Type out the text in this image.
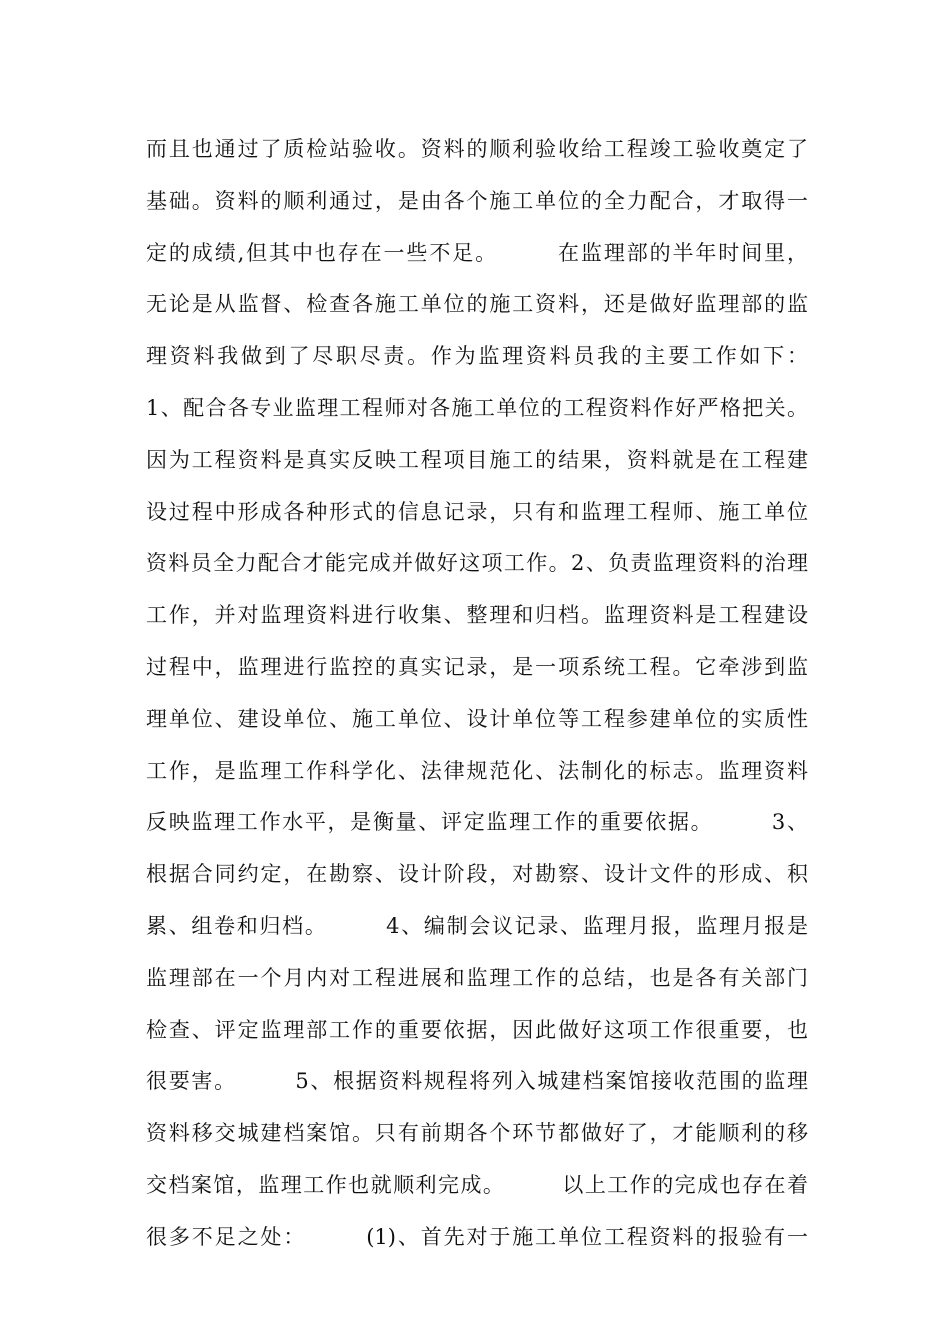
而且也通过了质检站验收。资料的顺利验收给工程竣工验收奠定了
基础。资料的顺利通过，是由各个施工单位的全力配合，才取得一
定的成绩,但其中也存在一些不足。       在监理部的半年时间里，
无论是从监督、检查各施工单位的施工资料，还是做好监理部的监
理资料我做到了尽职尽责。作为监理资料员我的主要工作如下：
1、配合各专业监理工程师对各施工单位的工程资料作好严格把关。
因为工程资料是真实反映工程项目施工的结果，资料就是在工程建
设过程中形成各种形式的信息记录，只有和监理工程师、施工单位
资料员全力配合才能完成并做好这项工作。2、负责监理资料的治理
工作，并对监理资料进行收集、整理和归档。监理资料是工程建设
过程中，监理进行监控的真实记录，是一项系统工程。它牵涉到监
理单位、建设单位、施工单位、设计单位等工程参建单位的实质性
工作，是监理工作科学化、法律规范化、法制化的标志。监理资料
反映监理工作水平，是衡量、评定监理工作的重要依据。       3、
根据合同约定，在勘察、设计阶段，对勘察、设计文件的形成、积
累、组卷和归档。       4、编制会议记录、监理月报，监理月报是
监理部在一个月内对工程进展和监理工作的总结，也是各有关部门
检查、评定监理部工作的重要依据，因此做好这项工作很重要，也
很要害。       5、根据资料规程将列入城建档案馆接收范围的监理
资料移交城建档案馆。只有前期各个环节都做好了，才能顺利的移
交档案馆，监理工作也就顺利完成。       以上工作的完成也存在着
很多不足之处：       (1)、首先对于施工单位工程资料的报验有一
